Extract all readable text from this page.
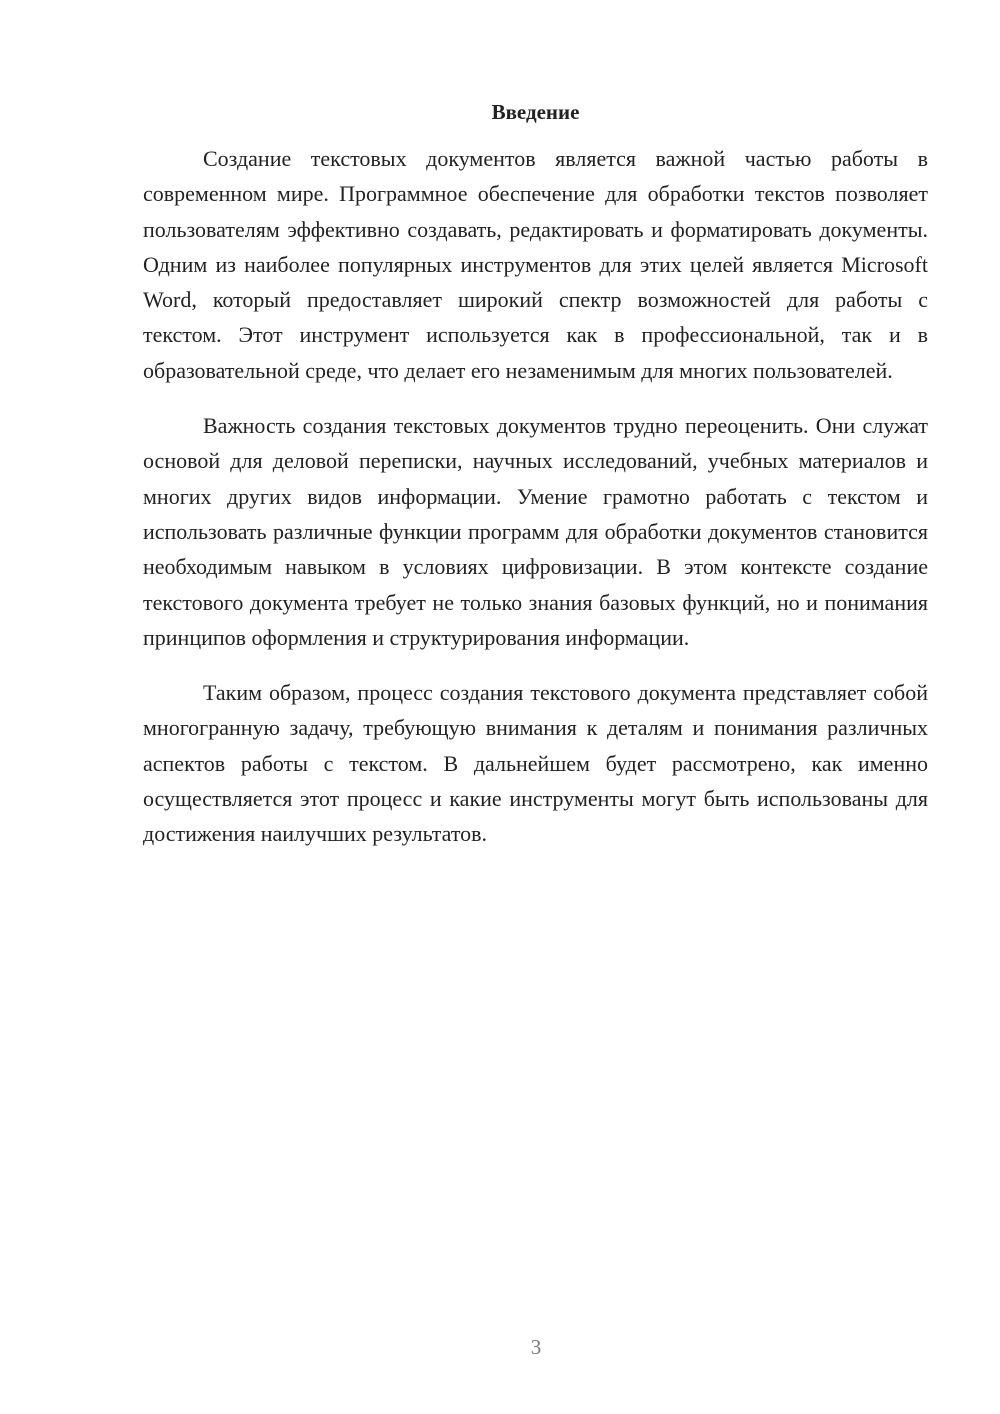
Введение

Создание текстовых документов является важной частью работы в современном мире. Программное обеспечение для обработки текстов позволяет пользователям эффективно создавать, редактировать и форматировать документы. Одним из наиболее популярных инструментов для этих целей является Microsoft Word, который предоставляет широкий спектр возможностей для работы с текстом. Этот инструмент используется как в профессиональной, так и в образовательной среде, что делает его незаменимым для многих пользователей.

Важность создания текстовых документов трудно переоценить. Они служат основой для деловой переписки, научных исследований, учебных материалов и многих других видов информации. Умение грамотно работать с текстом и использовать различные функции программ для обработки документов становится необходимым навыком в условиях цифровизации. В этом контексте создание текстового документа требует не только знания базовых функций, но и понимания принципов оформления и структурирования информации.

Таким образом, процесс создания текстового документа представляет собой многогранную задачу, требующую внимания к деталям и понимания различных аспектов работы с текстом. В дальнейшем будет рассмотрено, как именно осуществляется этот процесс и какие инструменты могут быть использованы для достижения наилучших результатов.

3
